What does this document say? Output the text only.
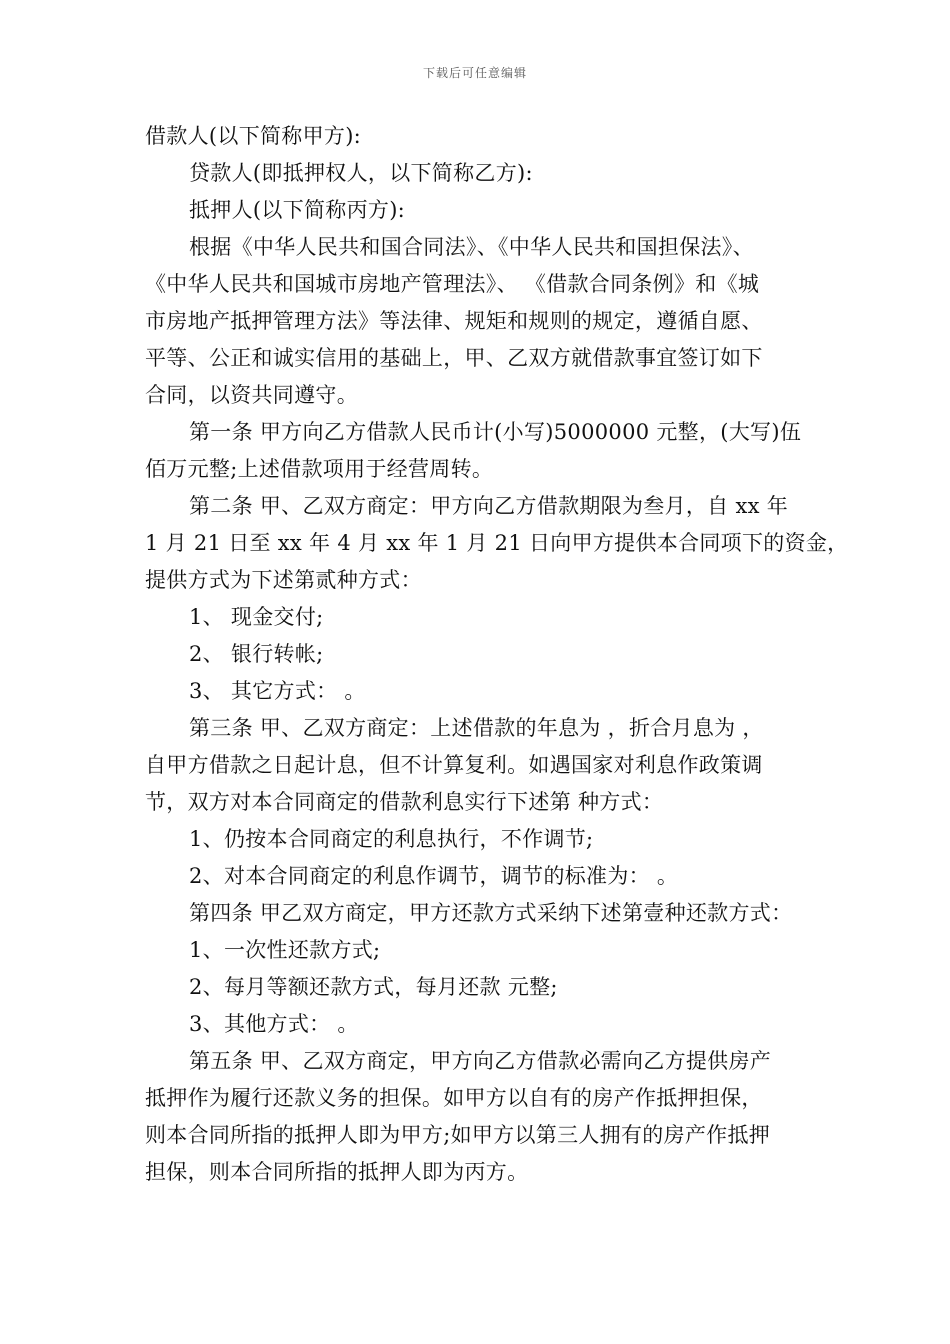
下载后可任意编辑
借款人(以下简称甲方):
贷款人(即抵押权人，以下简称乙方):
抵押人(以下简称丙方):
根据《中华人民共和国合同法》、《中华人民共和国担保法》、
《中华人民共和国城市房地产管理法》、 《借款合同条例》和《城
市房地产抵押管理方法》等法律、规矩和规则的规定，遵循自愿、
平等、公正和诚实信用的基础上，甲、乙双方就借款事宜签订如下
合同，以资共同遵守。
第一条 甲方向乙方借款人民币计(小写)5000000 元整，(大写)伍
佰万元整;上述借款项用于经营周转。
第二条 甲、乙双方商定：甲方向乙方借款期限为叁月，自 xx 年
1 月 21 日至 xx 年 4 月 xx 年 1 月 21 日向甲方提供本合同项下的资金，
提供方式为下述第贰种方式：
1、 现金交付;
2、 银行转帐;
3、 其它方式： 。
第三条 甲、乙双方商定：上述借款的年息为 ，折合月息为 ，
自甲方借款之日起计息，但不计算复利。如遇国家对利息作政策调
节，双方对本合同商定的借款利息实行下述第 种方式：
1、仍按本合同商定的利息执行，不作调节;
2、对本合同商定的利息作调节，调节的标准为： 。
第四条 甲乙双方商定，甲方还款方式采纳下述第壹种还款方式：
1、一次性还款方式;
2、每月等额还款方式，每月还款 元整;
3、其他方式： 。
第五条 甲、乙双方商定，甲方向乙方借款必需向乙方提供房产
抵押作为履行还款义务的担保。如甲方以自有的房产作抵押担保，
则本合同所指的抵押人即为甲方;如甲方以第三人拥有的房产作抵押
担保，则本合同所指的抵押人即为丙方。
